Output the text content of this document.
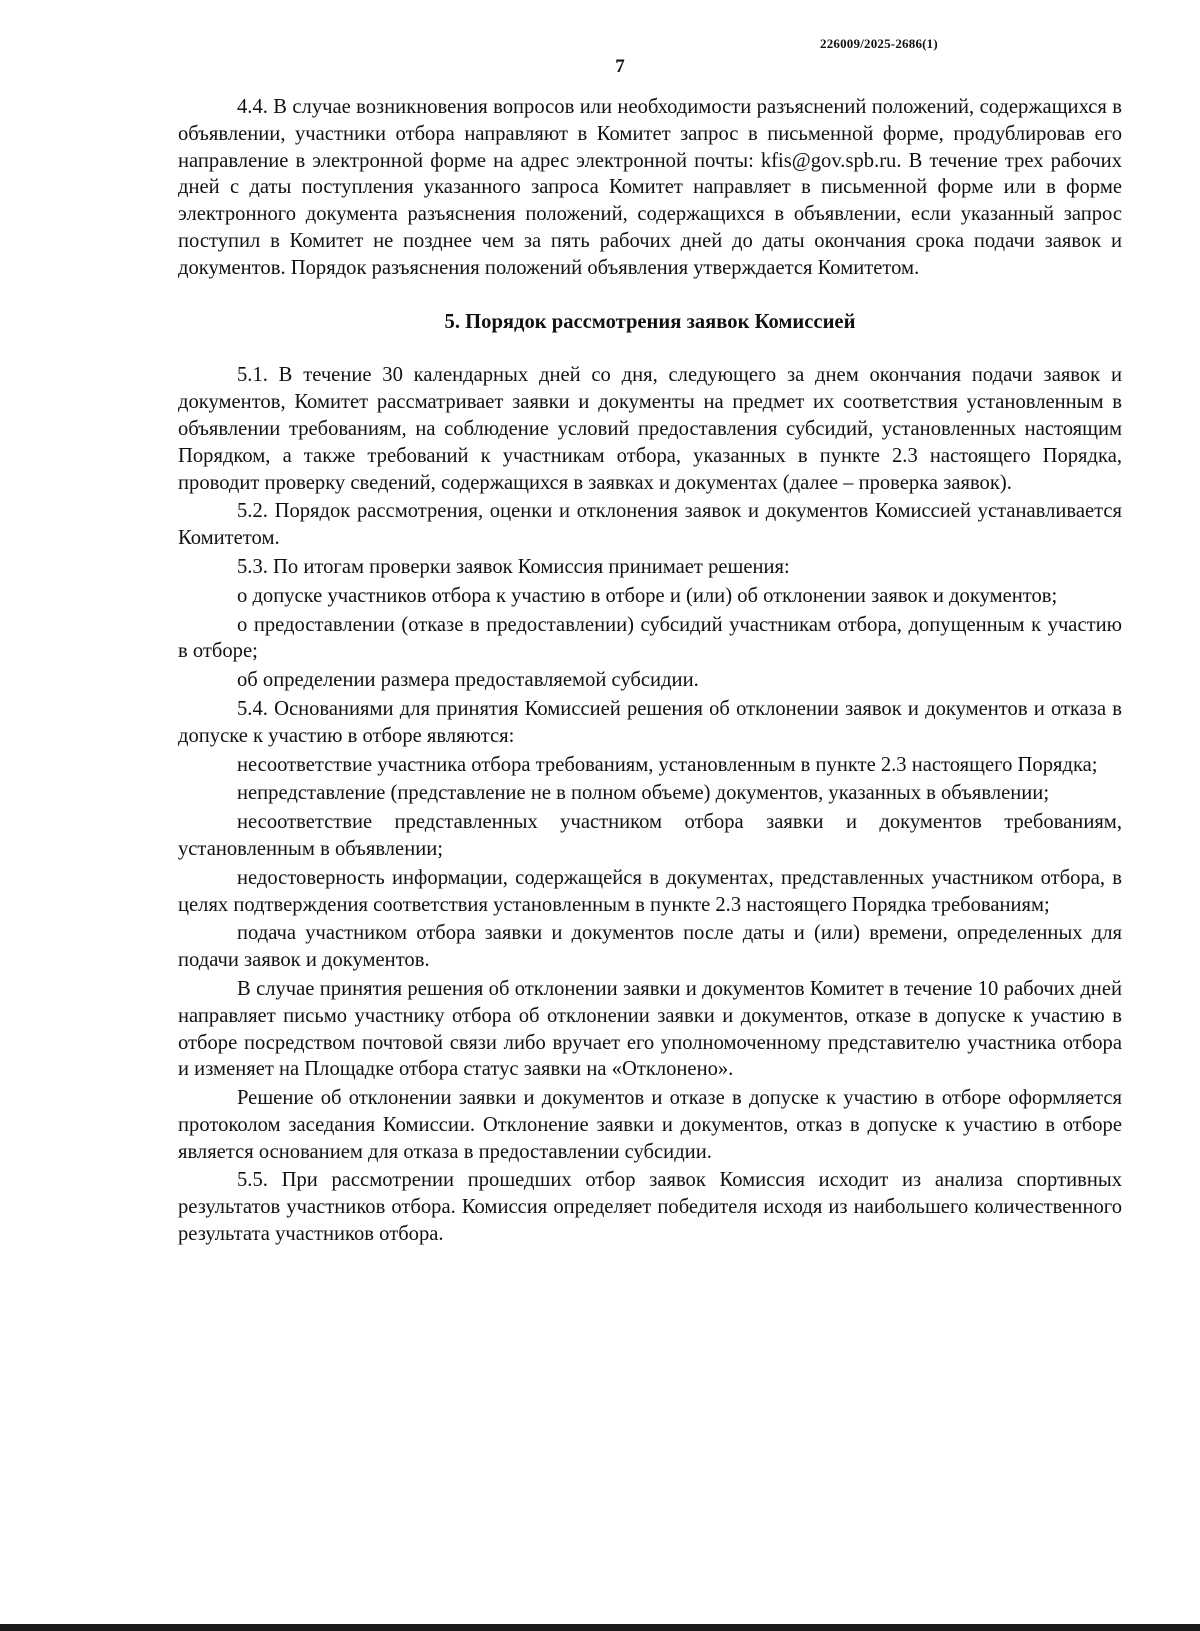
226009/2025-2686(1)
7

4.4. В случае возникновения вопросов или необходимости разъяснений положений, содержащихся в объявлении, участники отбора направляют в Комитет запрос в письменной форме, продублировав его направление в электронной форме на адрес электронной почты: kfis@gov.spb.ru. В течение трех рабочих дней с даты поступления указанного запроса Комитет направляет в письменной форме или в форме электронного документа разъяснения положений, содержащихся в объявлении, если указанный запрос поступил в Комитет не позднее чем за пять рабочих дней до даты окончания срока подачи заявок и документов. Порядок разъяснения положений объявления утверждается Комитетом.

5. Порядок рассмотрения заявок Комиссией

5.1. В течение 30 календарных дней со дня, следующего за днем окончания подачи заявок и документов, Комитет рассматривает заявки и документы на предмет их соответствия установленным в объявлении требованиям, на соблюдение условий предоставления субсидий, установленных настоящим Порядком, а также требований к участникам отбора, указанных в пункте 2.3 настоящего Порядка, проводит проверку сведений, содержащихся в заявках и документах (далее – проверка заявок).

5.2. Порядок рассмотрения, оценки и отклонения заявок и документов Комиссией устанавливается Комитетом.

5.3. По итогам проверки заявок Комиссия принимает решения:

о допуске участников отбора к участию в отборе и (или) об отклонении заявок и документов;

о предоставлении (отказе в предоставлении) субсидий участникам отбора, допущенным к участию в отборе;

об определении размера предоставляемой субсидии.

5.4. Основаниями для принятия Комиссией решения об отклонении заявок и документов и отказа в допуске к участию в отборе являются:

несоответствие участника отбора требованиям, установленным в пункте 2.3 настоящего Порядка;

непредставление (представление не в полном объеме) документов, указанных в объявлении;

несоответствие представленных участником отбора заявки и документов требованиям, установленным в объявлении;

недостоверность информации, содержащейся в документах, представленных участником отбора, в целях подтверждения соответствия установленным в пункте 2.3 настоящего Порядка требованиям;

подача участником отбора заявки и документов после даты и (или) времени, определенных для подачи заявок и документов.

В случае принятия решения об отклонении заявки и документов Комитет в течение 10 рабочих дней направляет письмо участнику отбора об отклонении заявки и документов, отказе в допуске к участию в отборе посредством почтовой связи либо вручает его уполномоченному представителю участника отбора и изменяет на Площадке отбора статус заявки на «Отклонено».

Решение об отклонении заявки и документов и отказе в допуске к участию в отборе оформляется протоколом заседания Комиссии. Отклонение заявки и документов, отказ в допуске к участию в отборе является основанием для отказа в предоставлении субсидии.

5.5. При рассмотрении прошедших отбор заявок Комиссия исходит из анализа спортивных результатов участников отбора. Комиссия определяет победителя исходя из наибольшего количественного результата участников отбора.
